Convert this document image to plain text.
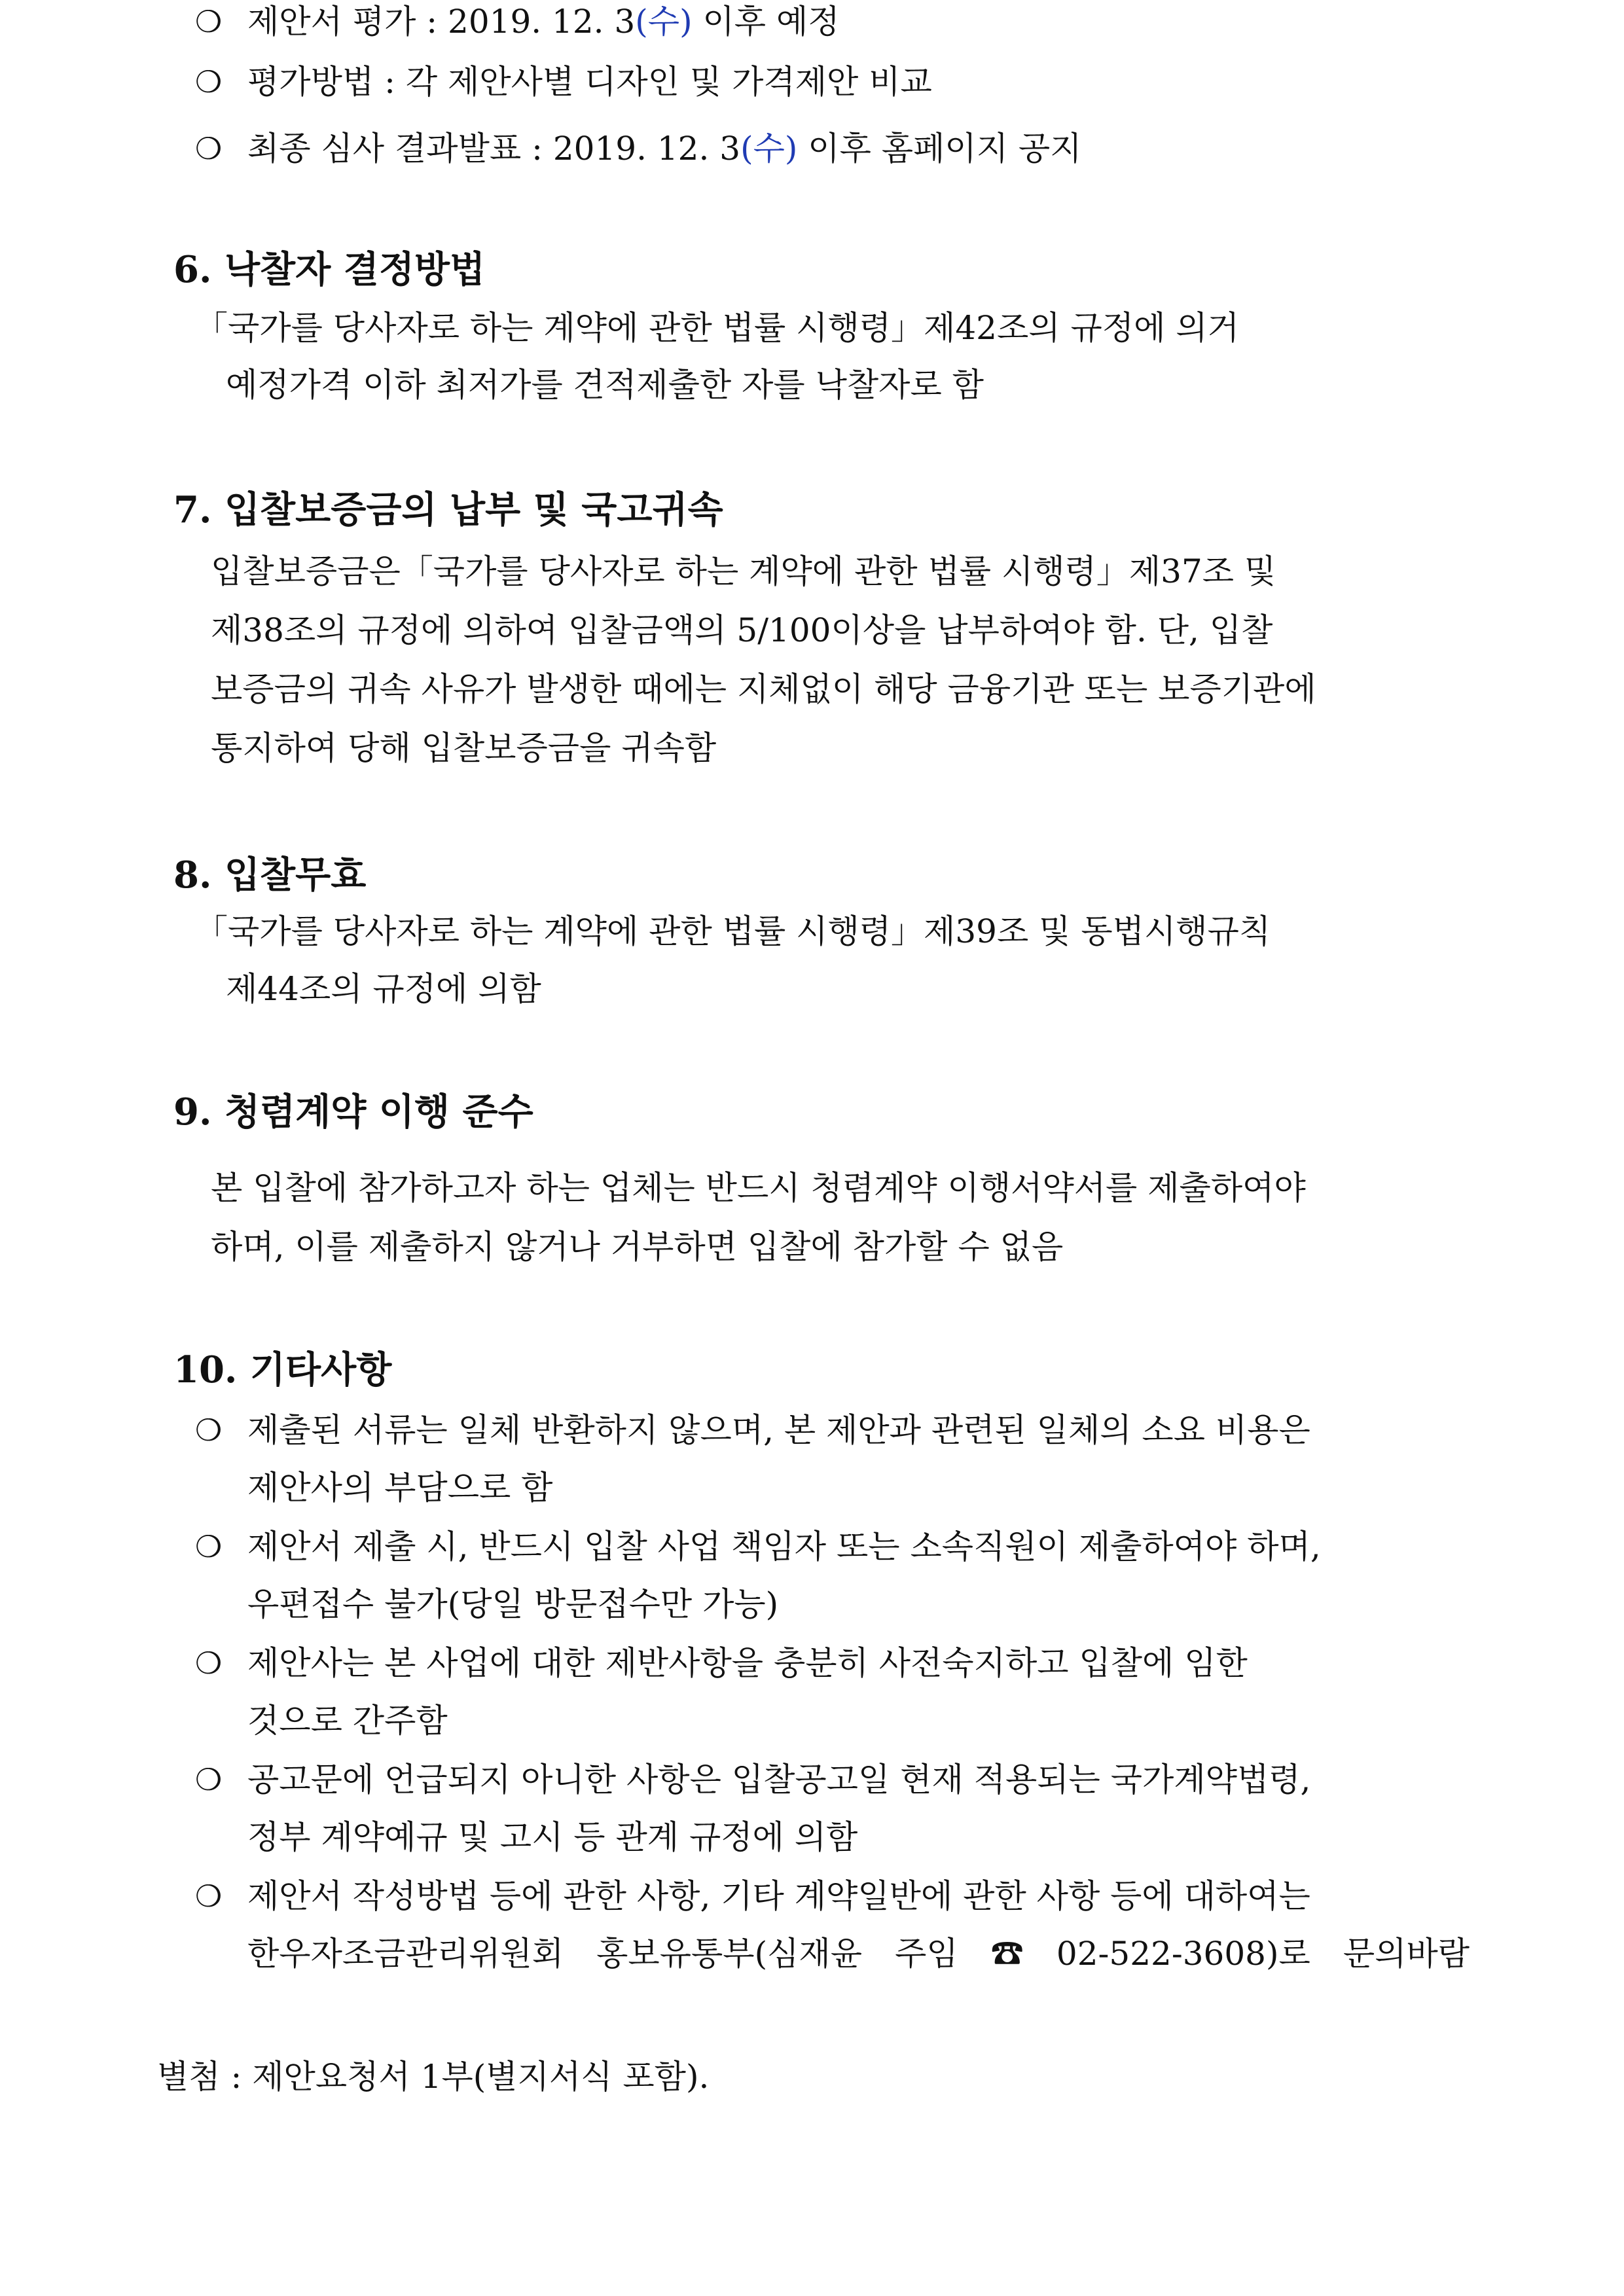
❍ 제안서 평가 : 2019. 12. 3(수) 이후 예정
❍ 평가방법 : 각 제안사별 디자인 및 가격제안 비교
❍ 최종 심사 결과발표 : 2019. 12. 3(수) 이후 홈페이지 공지
6. 낙찰자 결정방법
「국가를 당사자로 하는 계약에 관한 법률 시행령」제42조의 규정에 의거
예정가격 이하 최저가를 견적제출한 자를 낙찰자로 함
7. 입찰보증금의 납부 및 국고귀속
입찰보증금은「국가를 당사자로 하는 계약에 관한 법률 시행령」제37조 및
제38조의 규정에 의하여 입찰금액의 5/100이상을 납부하여야 함. 단, 입찰
보증금의 귀속 사유가 발생한 때에는 지체없이 해당 금융기관 또는 보증기관에
통지하여 당해 입찰보증금을 귀속함
8. 입찰무효
「국가를 당사자로 하는 계약에 관한 법률 시행령」제39조 및 동법시행규칙
제44조의 규정에 의함
9. 청렴계약 이행 준수
본 입찰에 참가하고자 하는 업체는 반드시 청렴계약 이행서약서를 제출하여야
하며, 이를 제출하지 않거나 거부하면 입찰에 참가할 수 없음
10. 기타사항
❍ 제출된 서류는 일체 반환하지 않으며, 본 제안과 관련된 일체의 소요 비용은
제안사의 부담으로 함
❍ 제안서 제출 시, 반드시 입찰 사업 책임자 또는 소속직원이 제출하여야 하며,
우편접수 불가(당일 방문접수만 가능)
❍ 제안사는 본 사업에 대한 제반사항을 충분히 사전숙지하고 입찰에 임한
것으로 간주함
❍ 공고문에 언급되지 아니한 사항은 입찰공고일 현재 적용되는 국가계약법령,
정부 계약예규 및 고시 등 관계 규정에 의함
❍ 제안서 작성방법 등에 관한 사항, 기타 계약일반에 관한 사항 등에 대하여는
한우자조금관리위원회 홍보유통부(심재윤 주임 ☎ 02-522-3608)로 문의바람
별첨 : 제안요청서 1부(별지서식 포함).
